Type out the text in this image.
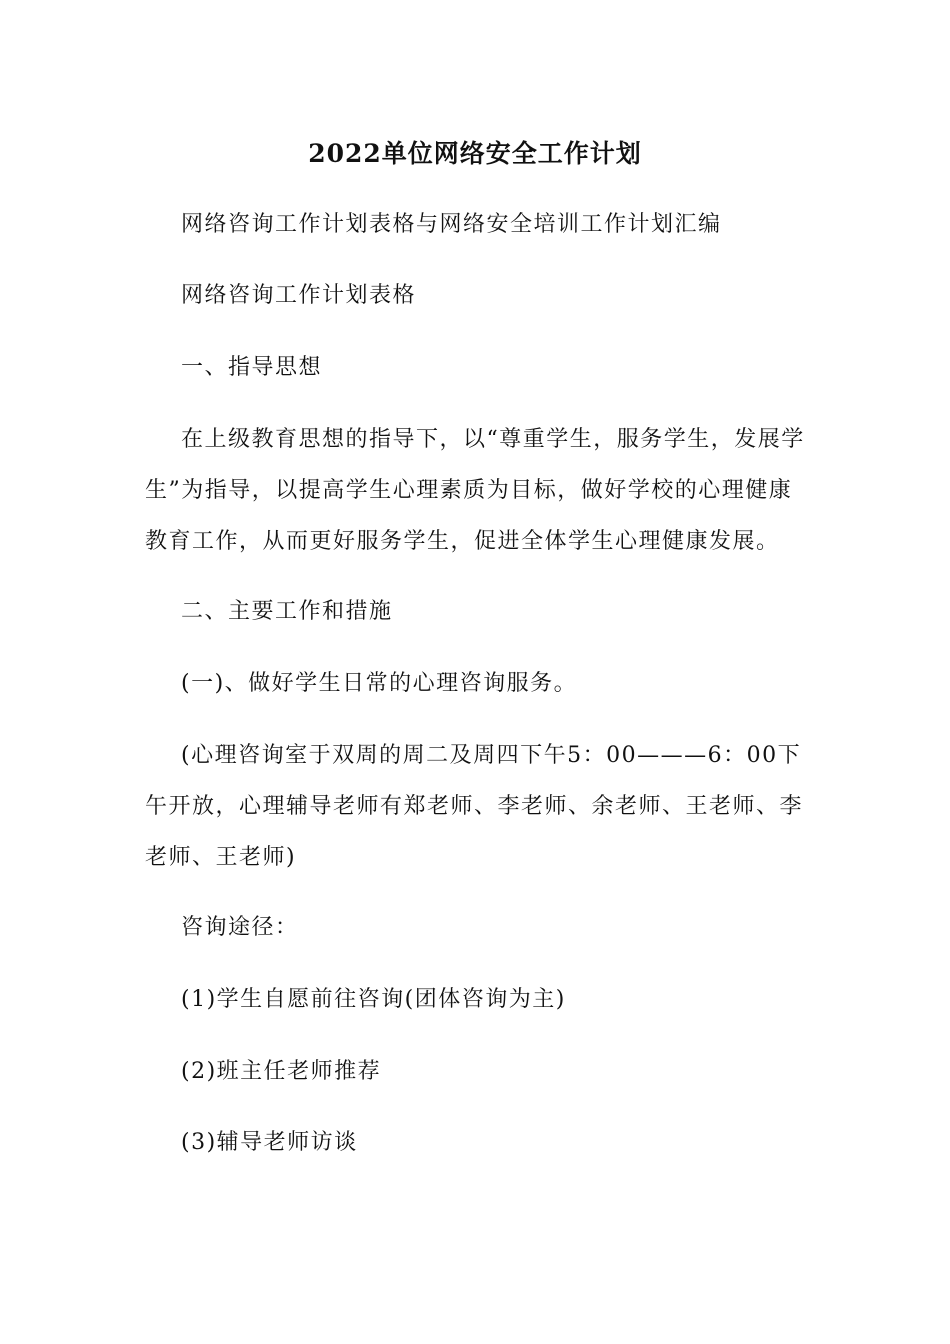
2022单位网络安全工作计划

网络咨询工作计划表格与网络安全培训工作计划汇编

网络咨询工作计划表格

一、指导思想

在上级教育思想的指导下，以“尊重学生，服务学生，发展学生”为指导，以提高学生心理素质为目标，做好学校的心理健康教育工作，从而更好服务学生，促进全体学生心理健康发展。

二、主要工作和措施

(一)、做好学生日常的心理咨询服务。

(心理咨询室于双周的周二及周四下午5：00———6：00下午开放，心理辅导老师有郑老师、李老师、余老师、王老师、李老师、王老师)

咨询途径：

(1)学生自愿前往咨询(团体咨询为主)

(2)班主任老师推荐

(3)辅导老师访谈
